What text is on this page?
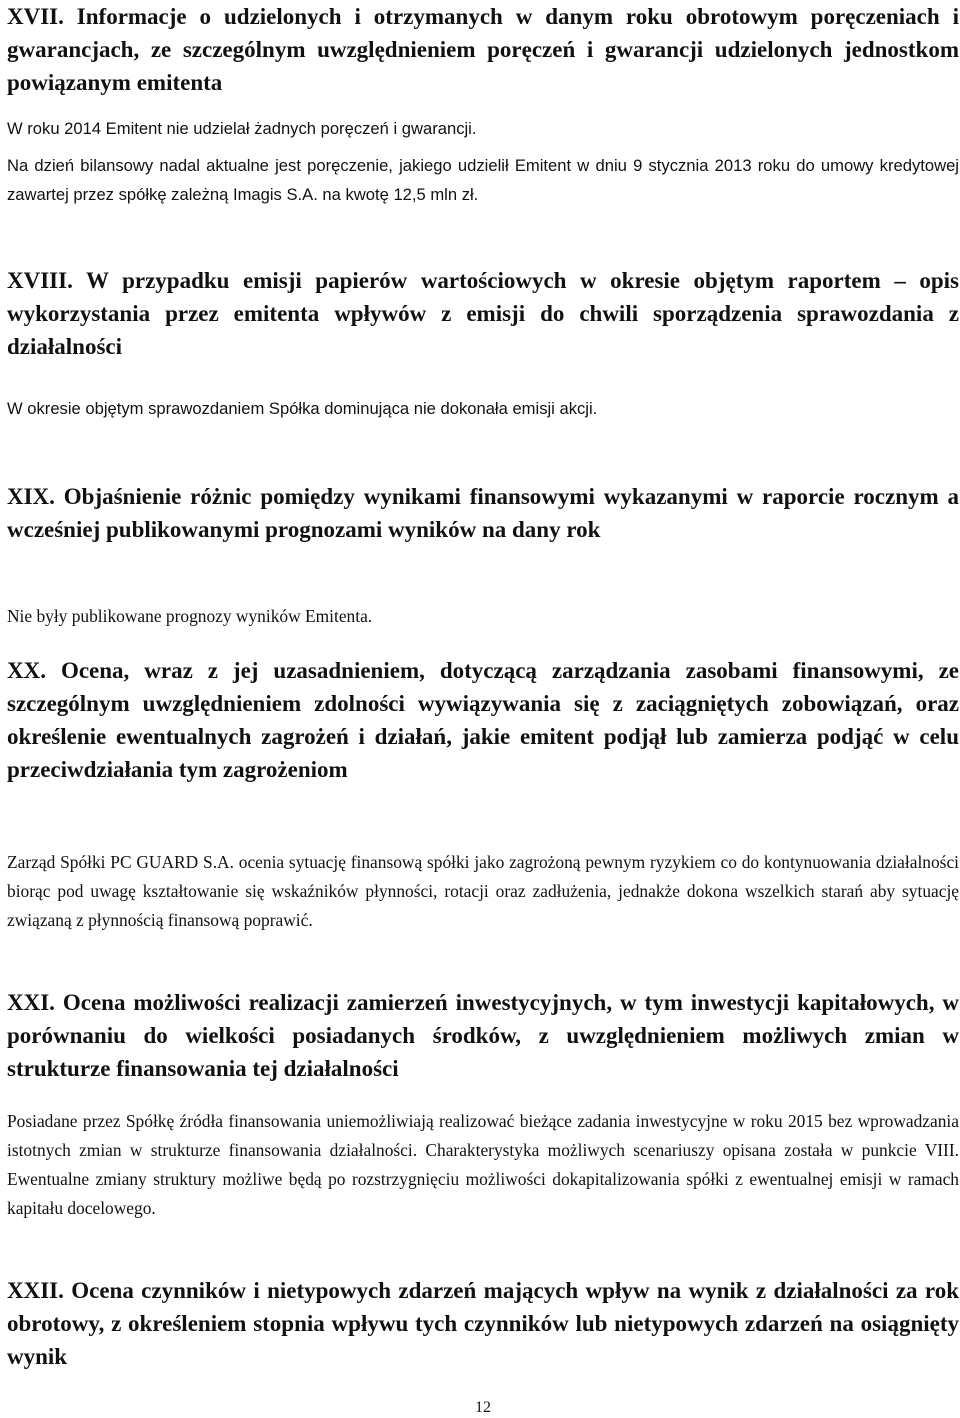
XVII. Informacje o udzielonych i otrzymanych w danym roku obrotowym poręczeniach i gwarancjach, ze szczególnym uwzględnieniem poręczeń i gwarancji udzielonych jednostkom powiązanym emitenta

W roku 2014 Emitent nie udzielał żadnych poręczeń i gwarancji.

Na dzień bilansowy nadal aktualne jest poręczenie, jakiego udzielił Emitent w dniu 9 stycznia 2013 roku do umowy kredytowej zawartej przez spółkę zależną Imagis S.A. na kwotę 12,5 mln zł.

XVIII. W przypadku emisji papierów wartościowych w okresie objętym raportem – opis wykorzystania przez emitenta wpływów z emisji do chwili sporządzenia sprawozdania z działalności

W okresie objętym sprawozdaniem Spółka dominująca nie dokonała emisji akcji.

XIX. Objaśnienie różnic pomiędzy wynikami finansowymi wykazanymi w raporcie rocznym a wcześniej publikowanymi prognozami wyników na dany rok

Nie były publikowane prognozy wyników Emitenta.

XX. Ocena, wraz z jej uzasadnieniem, dotyczącą zarządzania zasobami finansowymi, ze szczególnym uwzględnieniem zdolności wywiązywania się z zaciągniętych zobowiązań, oraz określenie ewentualnych zagrożeń i działań, jakie emitent podjął lub zamierza podjąć w celu przeciwdziałania tym zagrożeniom

Zarząd Spółki PC GUARD S.A. ocenia sytuację finansową spółki jako zagrożoną pewnym ryzykiem co do kontynuowania działalności biorąc pod uwagę kształtowanie się wskaźników płynności, rotacji oraz zadłużenia, jednakże dokona wszelkich starań aby sytuację związaną z płynnością finansową poprawić.

XXI. Ocena możliwości realizacji zamierzeń inwestycyjnych, w tym inwestycji kapitałowych, w porównaniu do wielkości posiadanych środków, z uwzględnieniem możliwych zmian w strukturze finansowania tej działalności

Posiadane przez Spółkę źródła finansowania uniemożliwiają realizować bieżące zadania inwestycyjne w roku 2015 bez wprowadzania istotnych zmian w strukturze finansowania działalności. Charakterystyka możliwych scenariuszy opisana została w punkcie VIII. Ewentualne zmiany struktury możliwe będą po rozstrzygnięciu możliwości dokapitalizowania spółki z ewentualnej emisji w ramach kapitału docelowego.

XXII. Ocena czynników i nietypowych zdarzeń mających wpływ na wynik z działalności za rok obrotowy, z określeniem stopnia wpływu tych czynników lub nietypowych zdarzeń na osiągnięty wynik
12
